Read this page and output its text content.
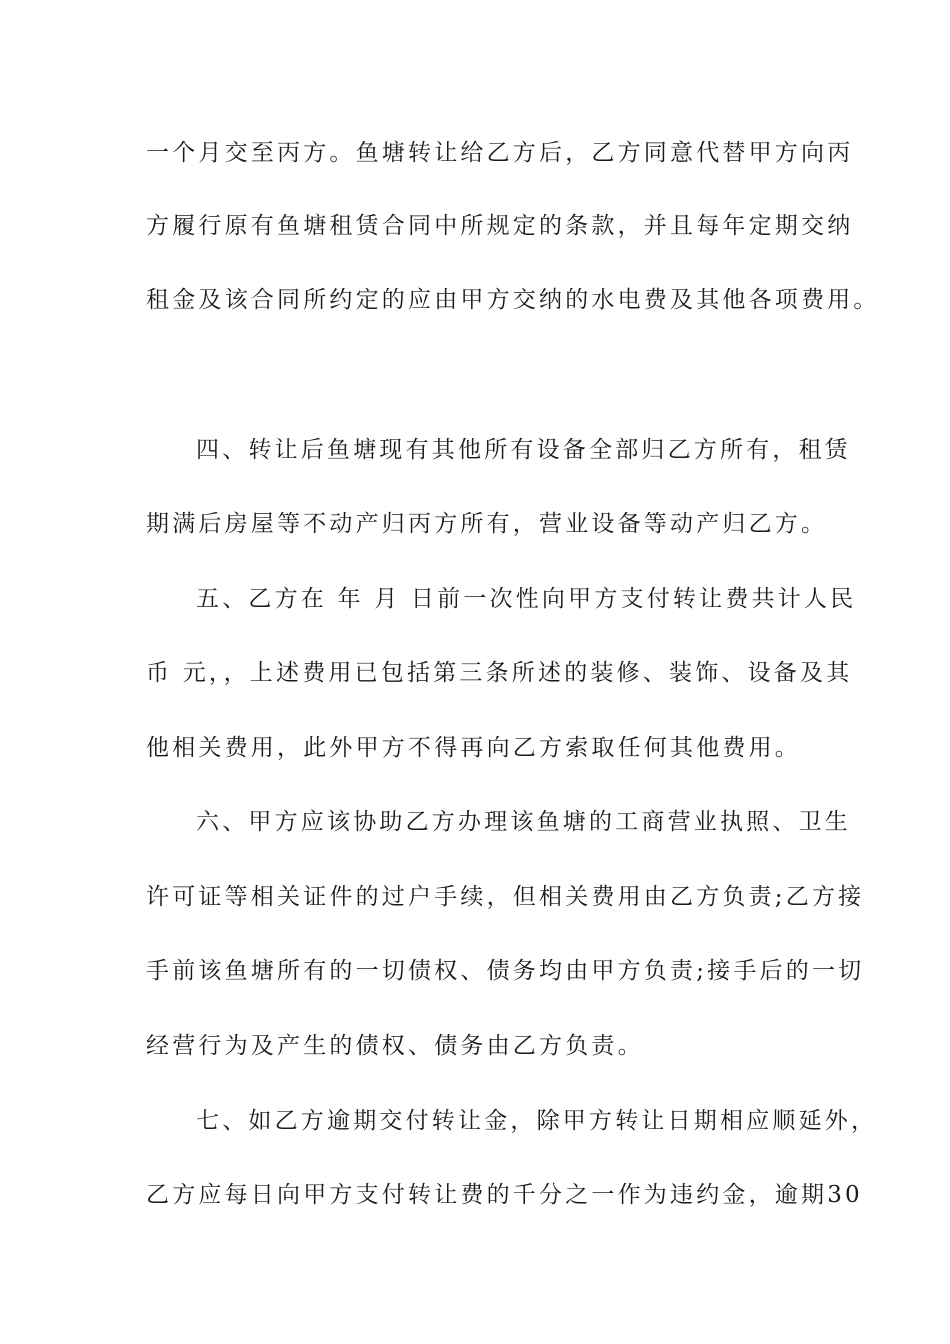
一个月交至丙方。鱼塘转让给乙方后，乙方同意代替甲方向丙
方履行原有鱼塘租赁合同中所规定的条款，并且每年定期交纳
租金及该合同所约定的应由甲方交纳的水电费及其他各项费用。
四、转让后鱼塘现有其他所有设备全部归乙方所有，租赁
期满后房屋等不动产归丙方所有，营业设备等动产归乙方。
五、乙方在 年 月 日前一次性向甲方支付转让费共计人民
币 元，，上述费用已包括第三条所述的装修、装饰、设备及其
他相关费用，此外甲方不得再向乙方索取任何其他费用。
六、甲方应该协助乙方办理该鱼塘的工商营业执照、卫生
许可证等相关证件的过户手续，但相关费用由乙方负责;乙方接
手前该鱼塘所有的一切债权、债务均由甲方负责;接手后的一切
经营行为及产生的债权、债务由乙方负责。
七、如乙方逾期交付转让金，除甲方转让日期相应顺延外，
乙方应每日向甲方支付转让费的千分之一作为违约金，逾期30
